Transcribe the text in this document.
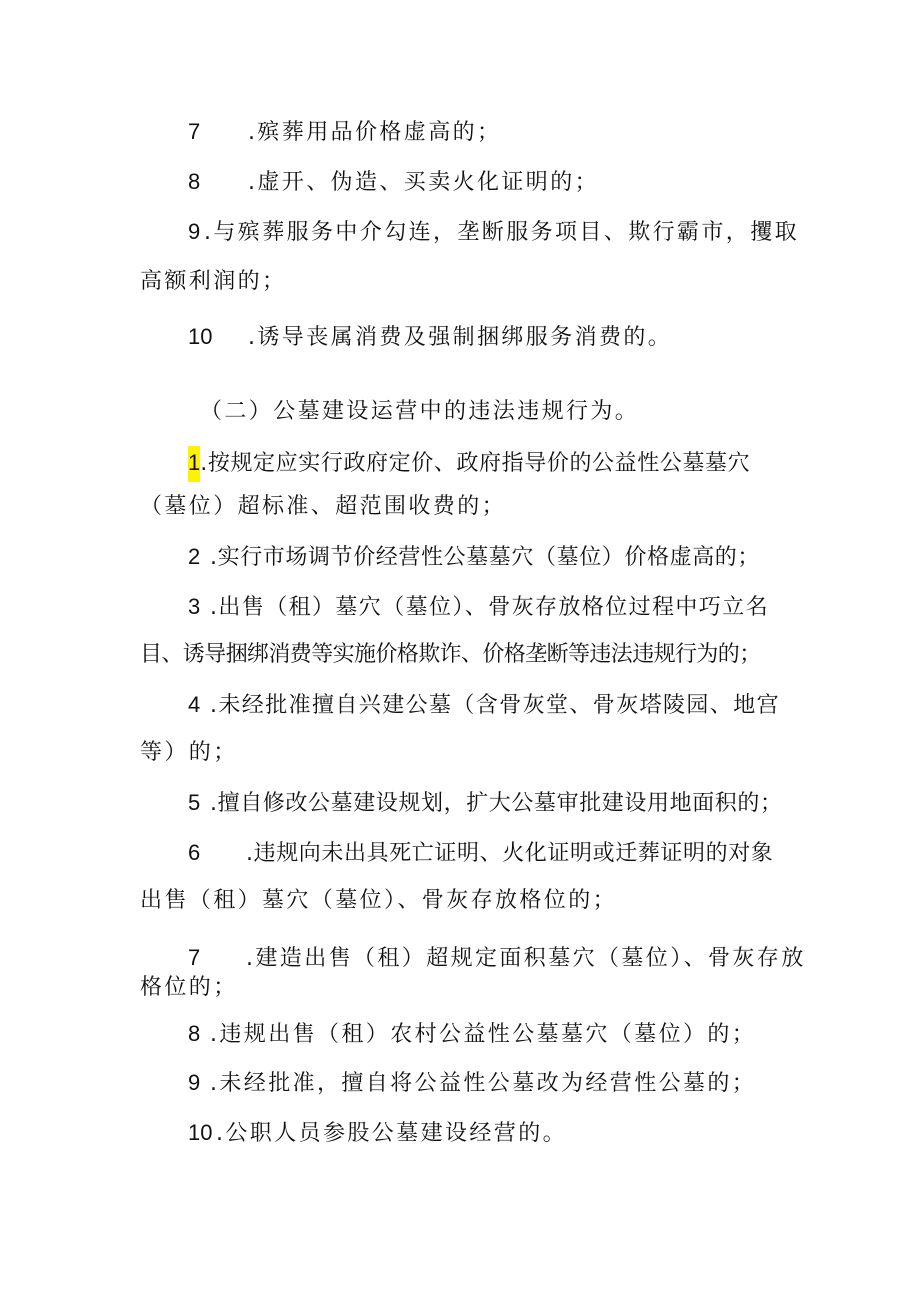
7 .殡葬用品价格虚高的；
8 .虚开、伪造、买卖火化证明的；
9 .与殡葬服务中介勾连，垄断服务项目、欺行霸市，攫取
高额利润的；
10 .诱导丧属消费及强制捆绑服务消费的。
（二）公墓建设运营中的违法违规行为。
1.按规定应实行政府定价、政府指导价的公益性公墓墓穴
（墓位）超标准、超范围收费的；
2 .实行市场调节价经营性公墓墓穴（墓位）价格虚高的；
3 .出售（租）墓穴（墓位）、骨灰存放格位过程中巧立名
目、诱导捆绑消费等实施价格欺诈、价格垄断等违法违规行为的；
4 .未经批准擅自兴建公墓（含骨灰堂、骨灰塔陵园、地宫
等）的；
5 .擅自修改公墓建设规划，扩大公墓审批建设用地面积的；
6 .违规向未出具死亡证明、火化证明或迁葬证明的对象
出售（租）墓穴（墓位）、骨灰存放格位的；
7 .建造出售（租）超规定面积墓穴（墓位）、骨灰存放
格位的；
8 .违规出售（租）农村公益性公墓墓穴（墓位）的；
9 .未经批准，擅自将公益性公墓改为经营性公墓的；
10 .公职人员参股公墓建设经营的。
